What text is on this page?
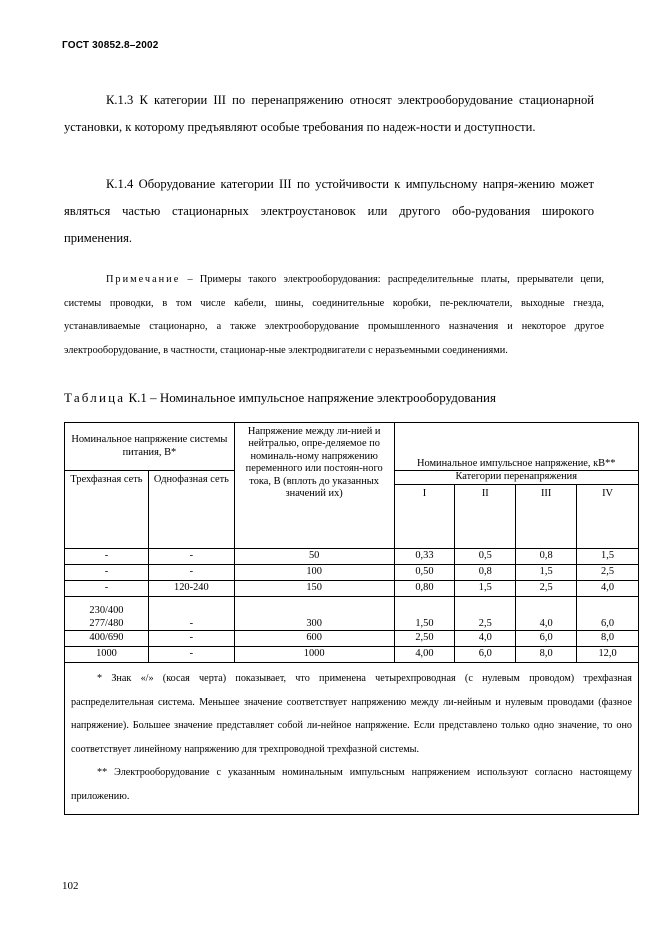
ГОСТ 30852.8–2002
К.1.3 К категории III по перенапряжению относят электрооборудование стационарной установки, к которому предъявляют особые требования по надеж-ности и доступности.
К.1.4 Оборудование категории III по устойчивости к импульсному напря-жению может являться частью стационарных электроустановок или другого обо-рудования широкого применения.
Примечание – Примеры такого электрооборудования: распределительные платы, прерыватели цепи, системы проводки, в том числе кабели, шины, соединительные коробки, пе-реключатели, выходные гнезда, устанавливаемые стационарно, а также электрооборудование промышленного назначения и некоторое другое электрооборудование, в частности, стационар-ные электродвигатели с неразъемными соединениями.
Таблица К.1 – Номинальное импульсное напряжение электрооборудования
Номинальное напряжение системы питания, В*		Напряжение между ли-нией и нейтралью, опре-деляемое по номиналь-ному напряжению переменного или постоян-ного тока, В (вплоть до указанных значений их)	Номинальное импульсное напряжение, кВ**			
Трехфазная сеть	Однофазная сеть		Категории перенапряжения			
			I	II	III	IV
-	-	50	0,33	0,5	0,8	1,5
-	-	100	0,50	0,8	1,5	2,5
-	120-240	150	0,80	1,5	2,5	4,0
230/400
277/480	-	300	1,50	2,5	4,0	6,0
400/690	-	600	2,50	4,0	6,0	8,0
1000	-	1000	4,00	6,0	8,0	12,0

* Знак «/» (косая черта) показывает, что применена четырехпроводная (с нулевым проводом) трехфазная распределительная система. Меньшее значение соответствует напряжению между ли-нейным и нулевым проводами (фазное напряжение). Большее значение представляет собой ли-нейное напряжение. Если представлено только одно значение, то оно соответствует линейному напряжению для трехпроводной трехфазной системы.

** Электрооборудование с указанным номинальным импульсным напряжением используют согласно настоящему приложению.						

102
